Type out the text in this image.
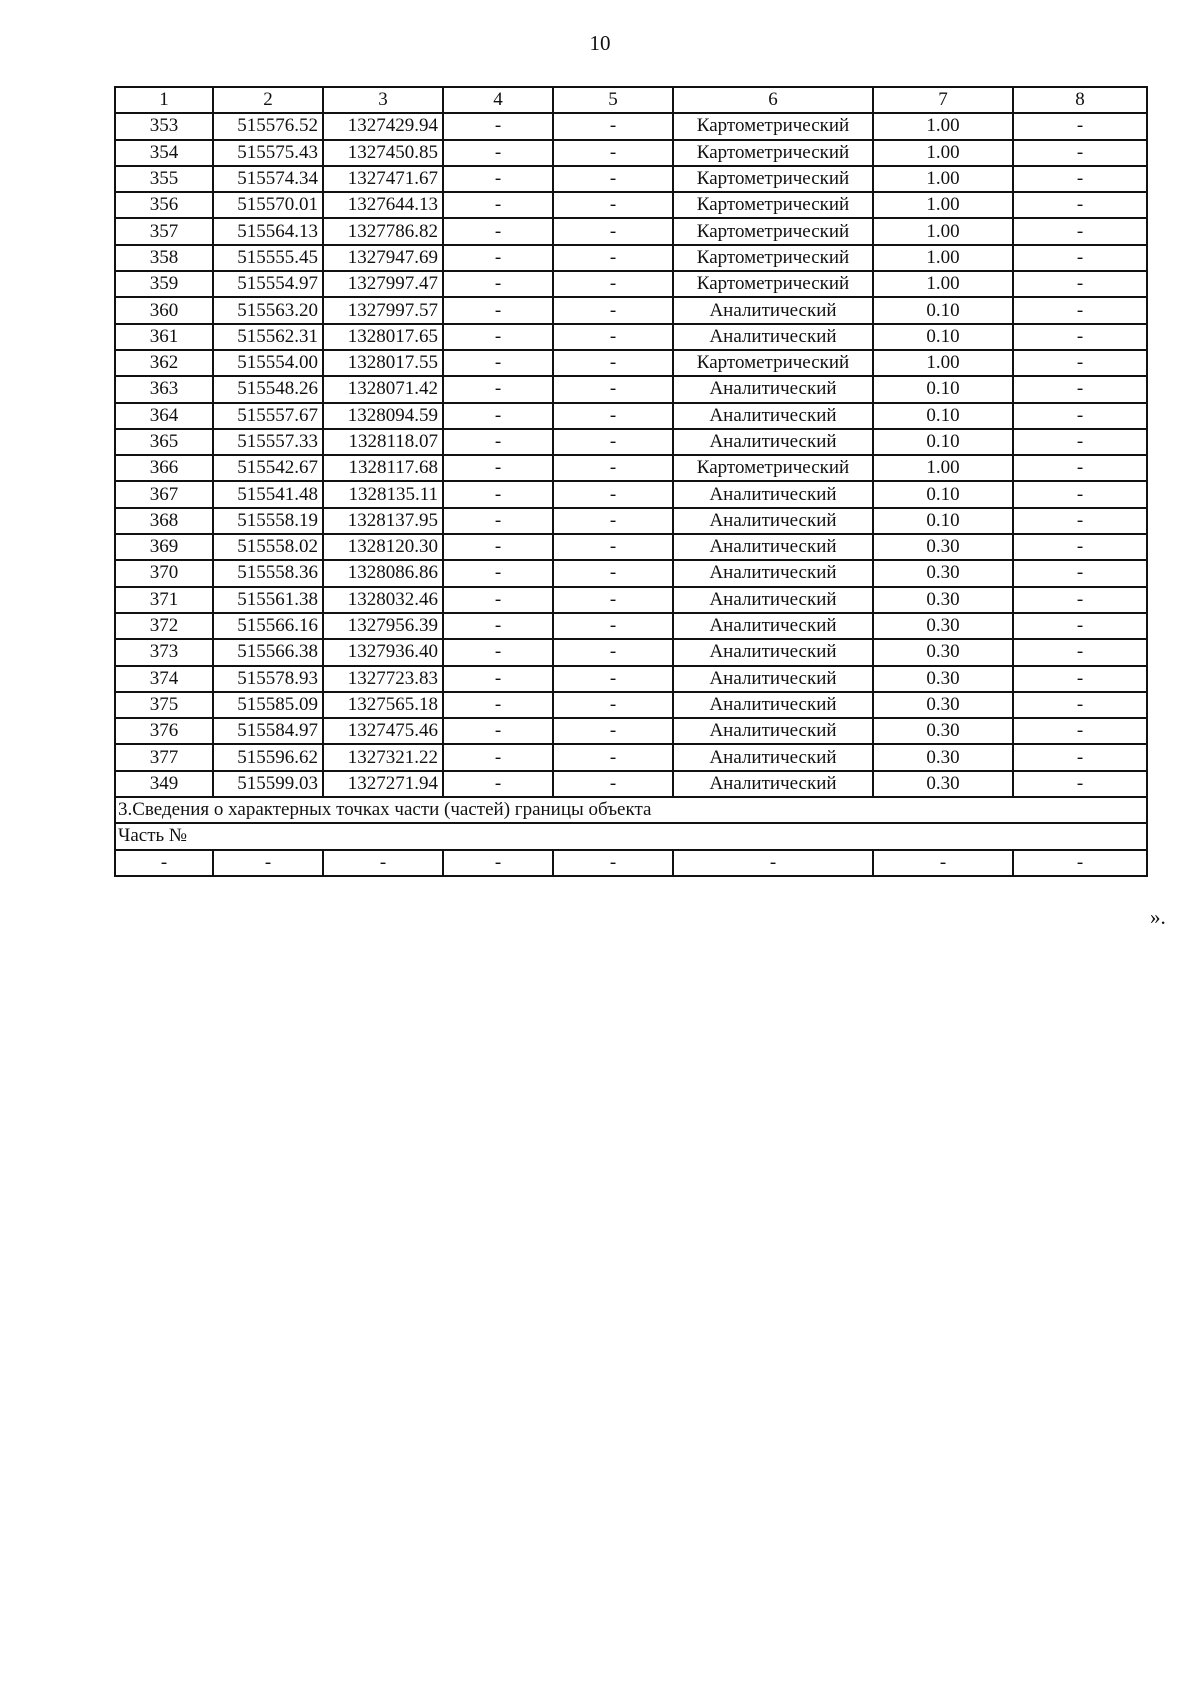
10
1	2	3	4	5	6	7	8
353	515576.52	1327429.94	-	-	Картометрический	1.00	-
354	515575.43	1327450.85	-	-	Картометрический	1.00	-
355	515574.34	1327471.67	-	-	Картометрический	1.00	-
356	515570.01	1327644.13	-	-	Картометрический	1.00	-
357	515564.13	1327786.82	-	-	Картометрический	1.00	-
358	515555.45	1327947.69	-	-	Картометрический	1.00	-
359	515554.97	1327997.47	-	-	Картометрический	1.00	-
360	515563.20	1327997.57	-	-	Аналитический	0.10	-
361	515562.31	1328017.65	-	-	Аналитический	0.10	-
362	515554.00	1328017.55	-	-	Картометрический	1.00	-
363	515548.26	1328071.42	-	-	Аналитический	0.10	-
364	515557.67	1328094.59	-	-	Аналитический	0.10	-
365	515557.33	1328118.07	-	-	Аналитический	0.10	-
366	515542.67	1328117.68	-	-	Картометрический	1.00	-
367	515541.48	1328135.11	-	-	Аналитический	0.10	-
368	515558.19	1328137.95	-	-	Аналитический	0.10	-
369	515558.02	1328120.30	-	-	Аналитический	0.30	-
370	515558.36	1328086.86	-	-	Аналитический	0.30	-
371	515561.38	1328032.46	-	-	Аналитический	0.30	-
372	515566.16	1327956.39	-	-	Аналитический	0.30	-
373	515566.38	1327936.40	-	-	Аналитический	0.30	-
374	515578.93	1327723.83	-	-	Аналитический	0.30	-
375	515585.09	1327565.18	-	-	Аналитический	0.30	-
376	515584.97	1327475.46	-	-	Аналитический	0.30	-
377	515596.62	1327321.22	-	-	Аналитический	0.30	-
349	515599.03	1327271.94	-	-	Аналитический	0.30	-
3.Сведения о характерных точках части (частей) границы объекта							
Часть №							
-	-	-	-	-	-	-	-
».
